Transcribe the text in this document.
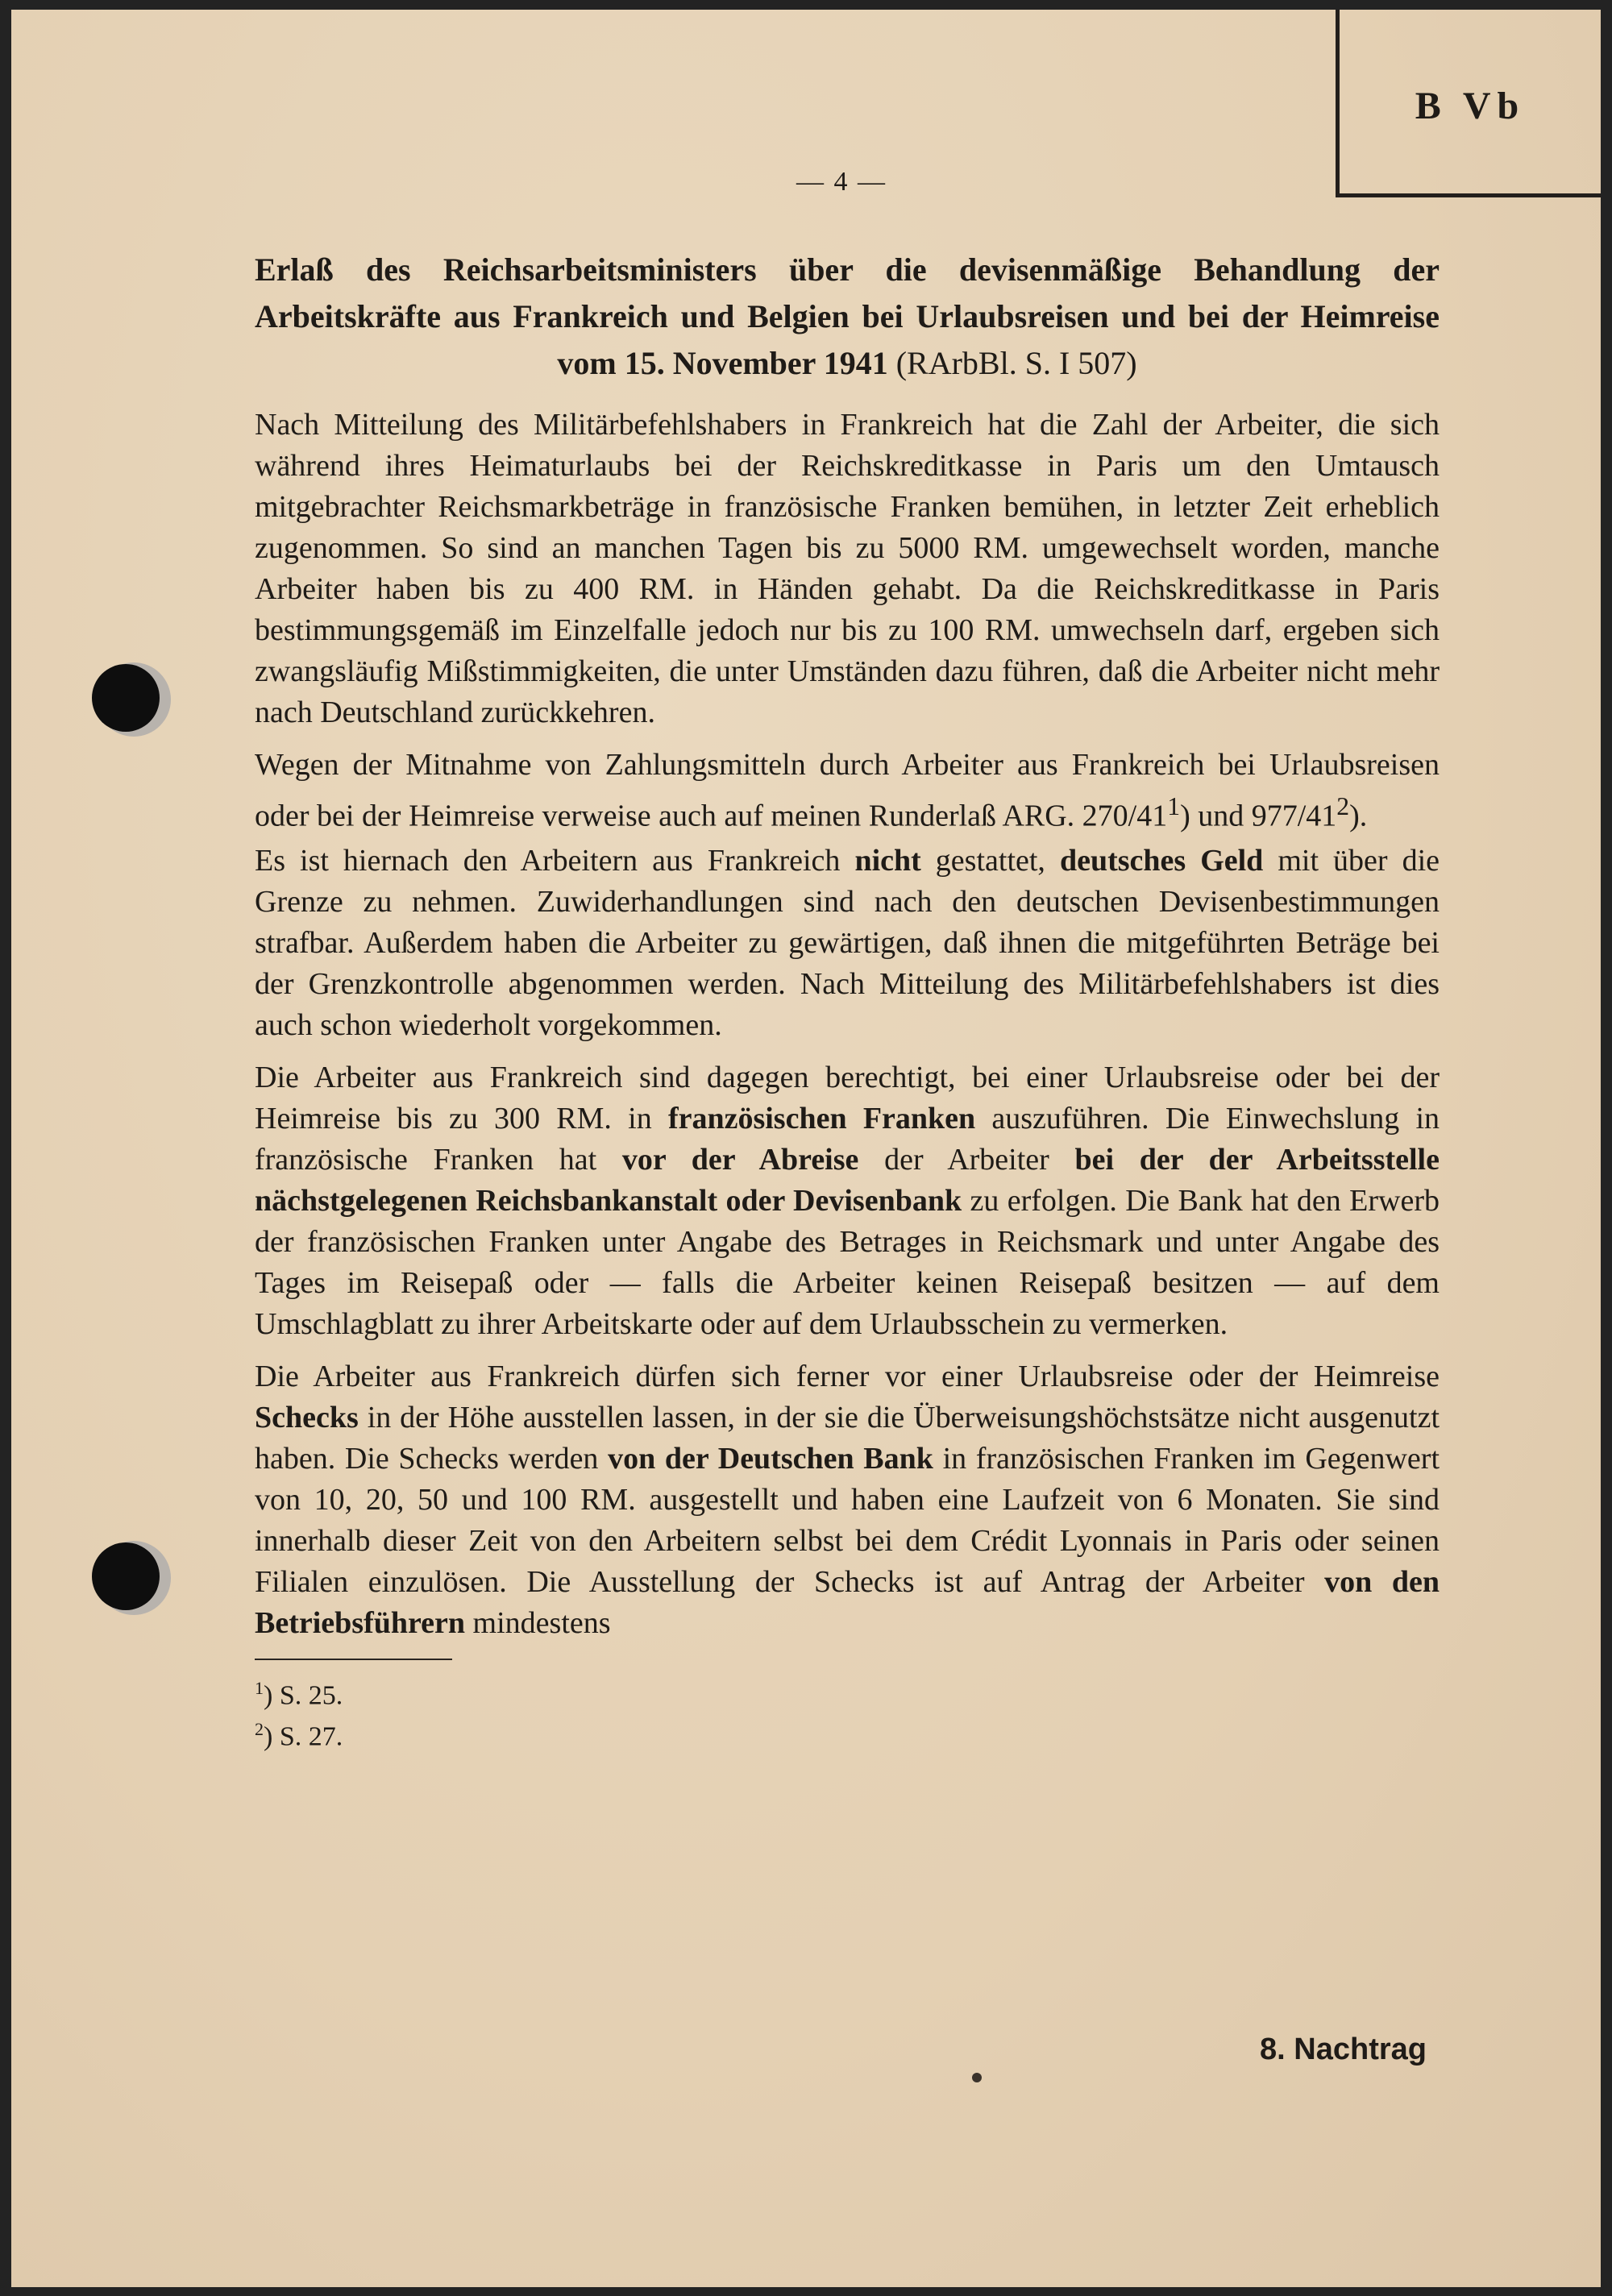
B Vb
— 4 —

Erlaß des Reichsarbeitsministers über die devisenmäßige Behandlung der Arbeitskräfte aus Frankreich und Belgien bei Urlaubsreisen und bei der Heimreise vom 15. November 1941 (RArbBl. S. I 507)

Nach Mitteilung des Militärbefehlshabers in Frankreich hat die Zahl der Arbeiter, die sich während ihres Heimaturlaubs bei der Reichskreditkasse in Paris um den Umtausch mitgebrachter Reichsmarkbeträge in französische Franken bemühen, in letzter Zeit erheblich zugenommen. So sind an manchen Tagen bis zu 5000 RM. umgewechselt worden, manche Arbeiter haben bis zu 400 RM. in Händen gehabt. Da die Reichskreditkasse in Paris bestimmungsgemäß im Einzelfalle jedoch nur bis zu 100 RM. umwechseln darf, ergeben sich zwangsläufig Mißstimmigkeiten, die unter Umständen dazu führen, daß die Arbeiter nicht mehr nach Deutschland zurückkehren.

Wegen der Mitnahme von Zahlungsmitteln durch Arbeiter aus Frankreich bei Urlaubsreisen oder bei der Heimreise verweise auch auf meinen Runderlaß ARG. $270/41^1$) und $977/41^2$).

Es ist hiernach den Arbeitern aus Frankreich nicht gestattet, deutsches Geld mit über die Grenze zu nehmen. Zuwiderhandlungen sind nach den deutschen Devisenbestimmungen strafbar. Außerdem haben die Arbeiter zu gewärtigen, daß ihnen die mitgeführten Beträge bei der Grenzkontrolle abgenommen werden. Nach Mitteilung des Militärbefehlshabers ist dies auch schon wiederholt vorgekommen.

Die Arbeiter aus Frankreich sind dagegen berechtigt, bei einer Urlaubsreise oder bei der Heimreise bis zu 300 RM. in französischen Franken auszuführen. Die Einwechslung in französische Franken hat vor der Abreise der Arbeiter bei der der Arbeitsstelle nächstgelegenen Reichsbankanstalt oder Devisenbank zu erfolgen. Die Bank hat den Erwerb der französischen Franken unter Angabe des Betrages in Reichsmark und unter Angabe des Tages im Reisepaß oder — falls die Arbeiter keinen Reisepaß besitzen — auf dem Umschlagblatt zu ihrer Arbeitskarte oder auf dem Urlaubsschein zu vermerken.

Die Arbeiter aus Frankreich dürfen sich ferner vor einer Urlaubsreise oder der Heimreise Schecks in der Höhe ausstellen lassen, in der sie die Überweisungshöchstsätze nicht ausgenutzt haben. Die Schecks werden von der Deutschen Bank in französischen Franken im Gegenwert von 10, 20, 50 und 100 RM. ausgestellt und haben eine Laufzeit von 6 Monaten. Sie sind innerhalb dieser Zeit von den Arbeitern selbst bei dem Crédit Lyonnais in Paris oder seinen Filialen einzulösen. Die Ausstellung der Schecks ist auf Antrag der Arbeiter von den Betriebsführern mindestens

$^1$) S. 25.
$^2$) S. 27.
8. Nachtrag
